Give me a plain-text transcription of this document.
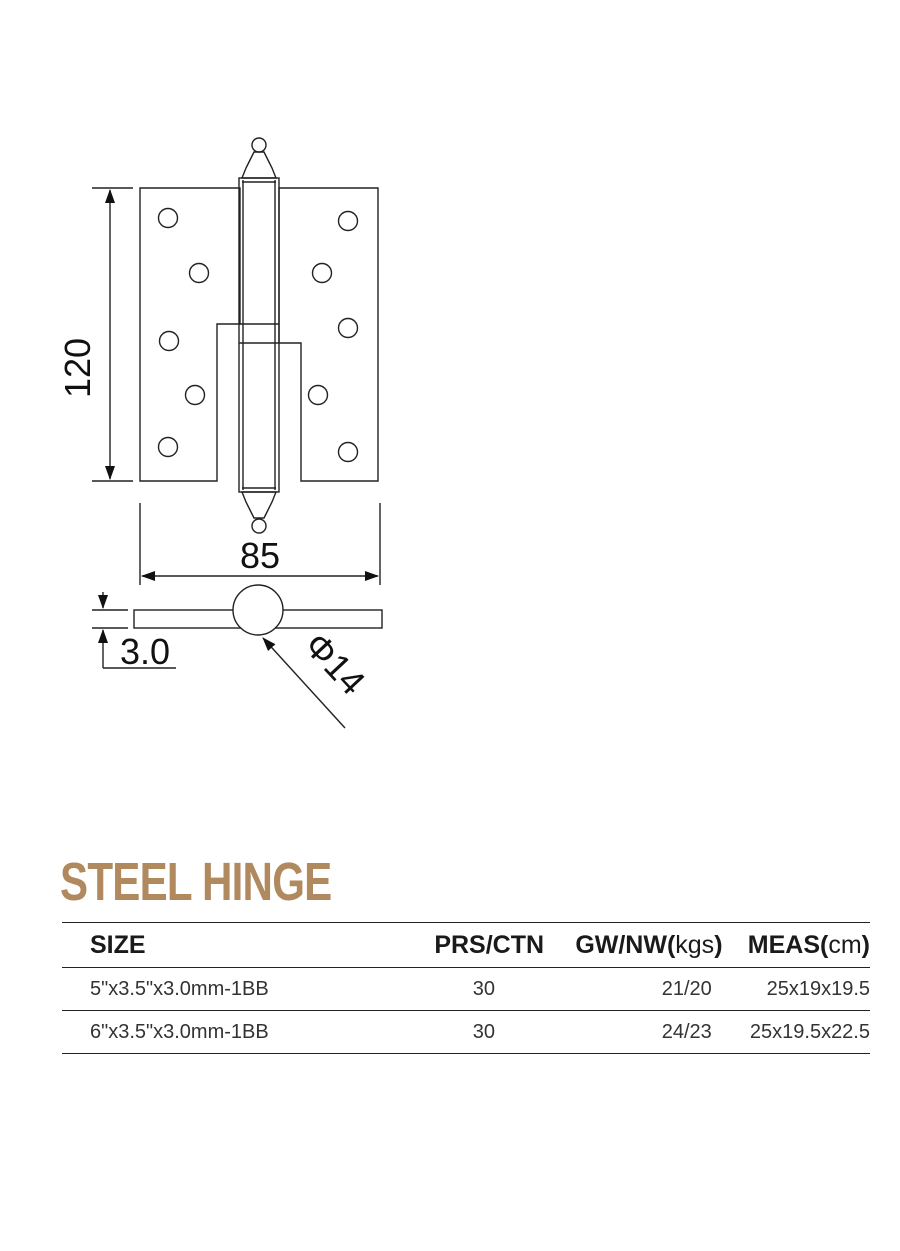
120
85
3.0	Φ14
STEEL HINGE
SIZE	PRS/CTN	GW/NW(kgs)	MEAS(cm)
5"x3.5"x3.0mm-1BB	30	21/20	25x19x19.5
6"x3.5"x3.0mm-1BB	30	24/23	25x19.5x22.5
